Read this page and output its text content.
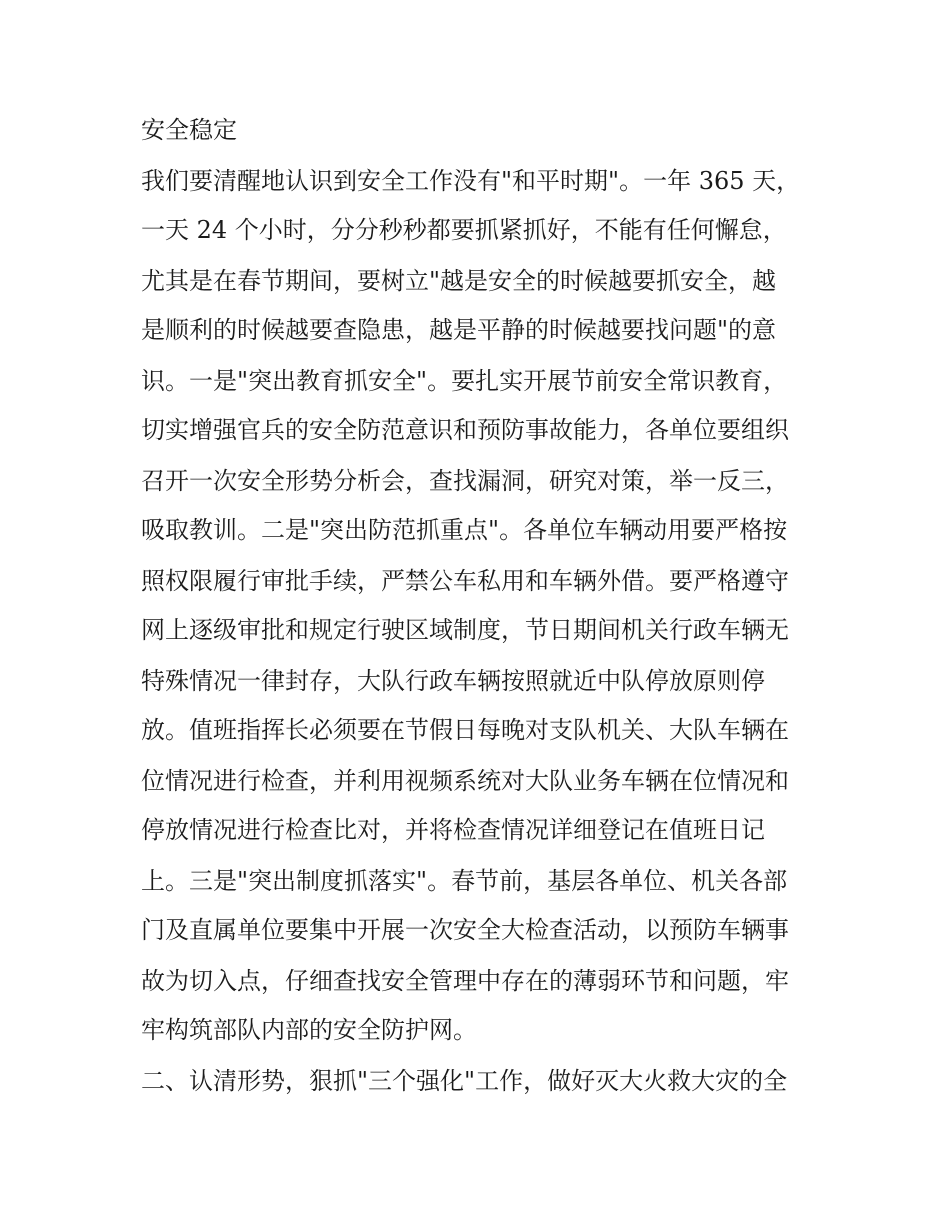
安全稳定
我们要清醒地认识到安全工作没有"和平时期"。一年 365 天，
一天 24 个小时，分分秒秒都要抓紧抓好，不能有任何懈怠，
尤其是在春节期间，要树立"越是安全的时候越要抓安全，越
是顺利的时候越要查隐患，越是平静的时候越要找问题"的意
识。一是"突出教育抓安全"。要扎实开展节前安全常识教育，
切实增强官兵的安全防范意识和预防事故能力，各单位要组织
召开一次安全形势分析会，查找漏洞，研究对策，举一反三，
吸取教训。二是"突出防范抓重点"。各单位车辆动用要严格按
照权限履行审批手续，严禁公车私用和车辆外借。要严格遵守
网上逐级审批和规定行驶区域制度，节日期间机关行政车辆无
特殊情况一律封存，大队行政车辆按照就近中队停放原则停
放。值班指挥长必须要在节假日每晚对支队机关、大队车辆在
位情况进行检查，并利用视频系统对大队业务车辆在位情况和
停放情况进行检查比对，并将检查情况详细登记在值班日记
上。三是"突出制度抓落实"。春节前，基层各单位、机关各部
门及直属单位要集中开展一次安全大检查活动，以预防车辆事
故为切入点，仔细查找安全管理中存在的薄弱环节和问题，牢
牢构筑部队内部的安全防护网。
二、认清形势，狠抓"三个强化"工作，做好灭大火救大灾的全
